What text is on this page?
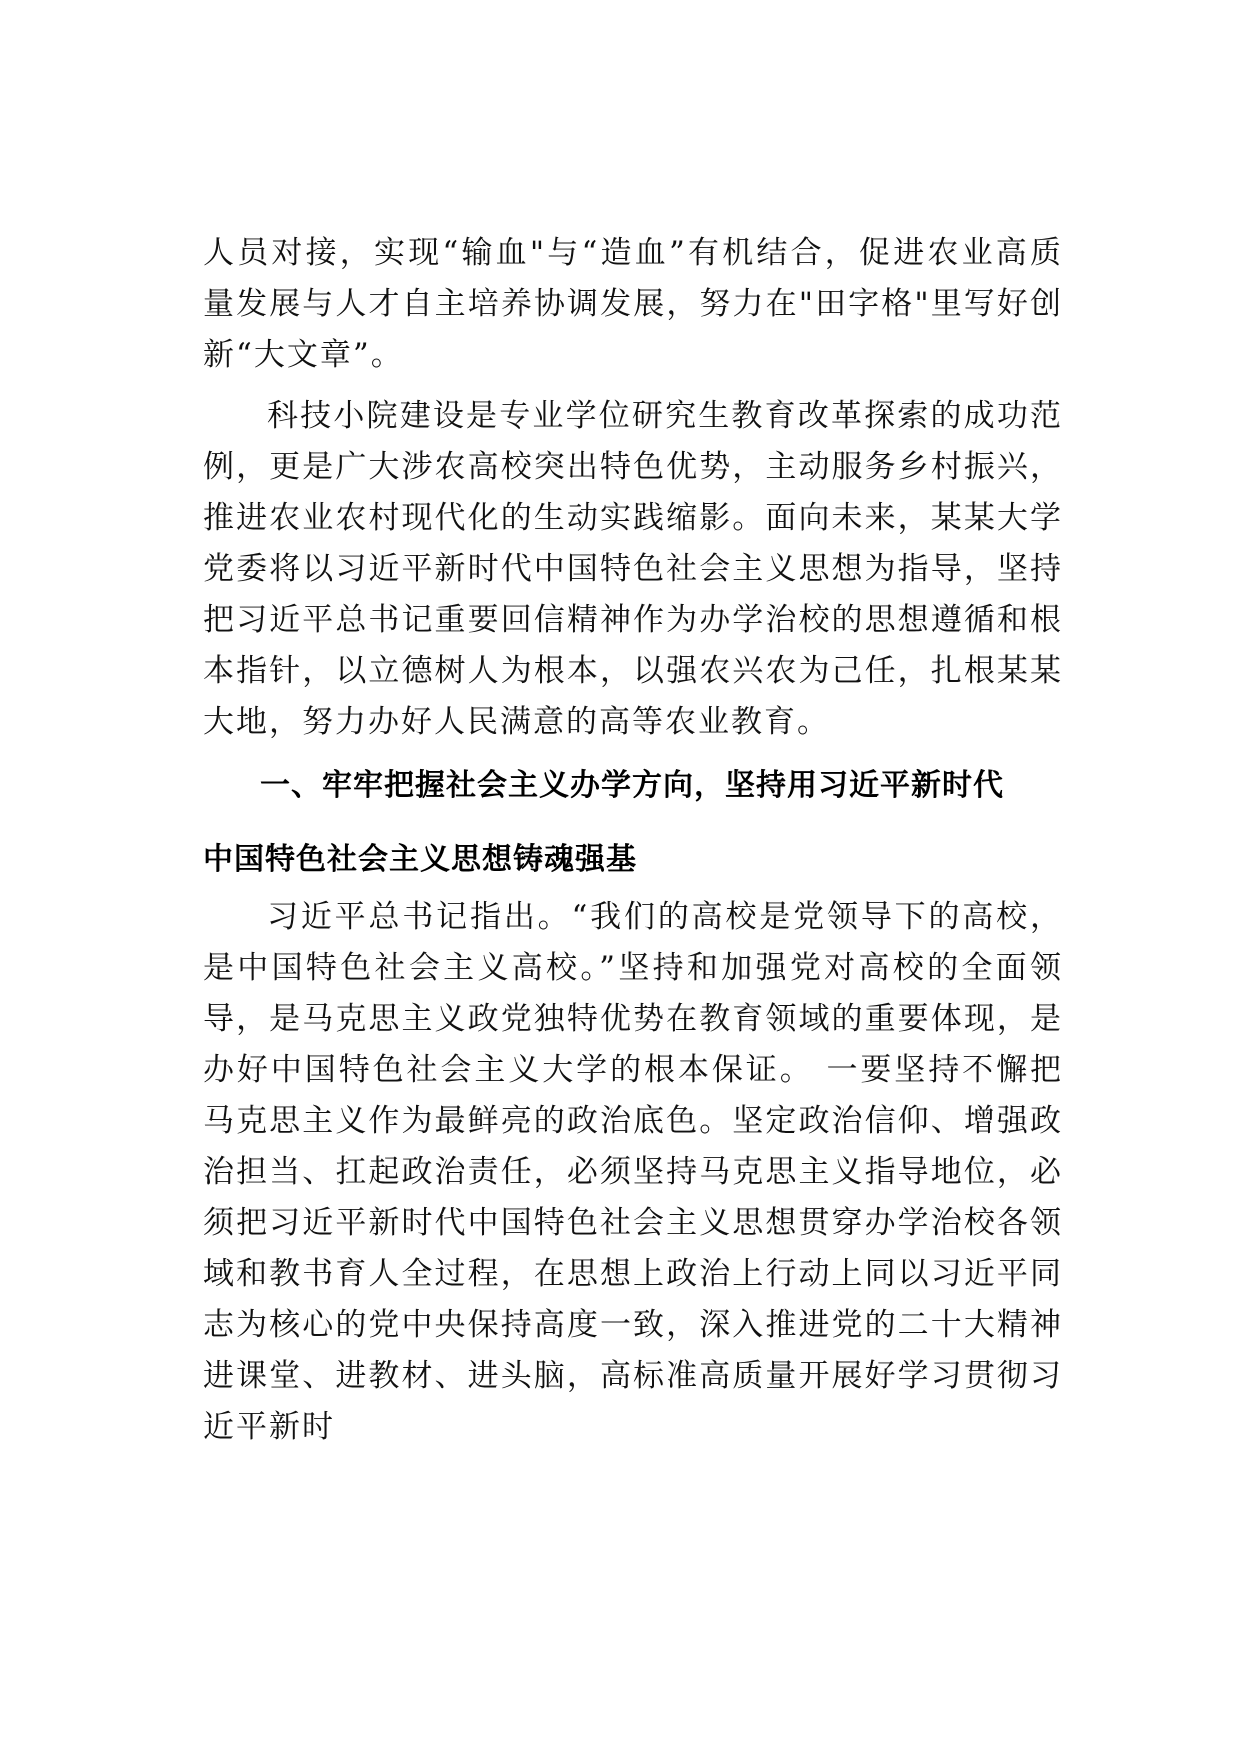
人员对接，实现“输血"与“造血”有机结合，促进农业高质量发展与人才自主培养协调发展，努力在"田字格"里写好创新“大文章”。

科技小院建设是专业学位研究生教育改革探索的成功范例，更是广大涉农高校突出特色优势，主动服务乡村振兴，推进农业农村现代化的生动实践缩影。面向未来，某某大学党委将以习近平新时代中国特色社会主义思想为指导，坚持把习近平总书记重要回信精神作为办学治校的思想遵循和根本指针，以立德树人为根本，以强农兴农为己任，扎根某某大地，努力办好人民满意的高等农业教育。

一、牢牢把握社会主义办学方向，坚持用习近平新时代

中国特色社会主义思想铸魂强基

习近平总书记指出。“我们的高校是党领导下的高校，是中国特色社会主义高校。”坚持和加强党对高校的全面领导，是马克思主义政党独特优势在教育领域的重要体现，是办好中国特色社会主义大学的根本保证。 一要坚持不懈把马克思主义作为最鲜亮的政治底色。坚定政治信仰、增强政治担当、扛起政治责任，必须坚持马克思主义指导地位，必须把习近平新时代中国特色社会主义思想贯穿办学治校各领域和教书育人全过程，在思想上政治上行动上同以习近平同志为核心的党中央保持高度一致，深入推进党的二十大精神进课堂、进教材、进头脑，高标准高质量开展好学习贯彻习近平新时
